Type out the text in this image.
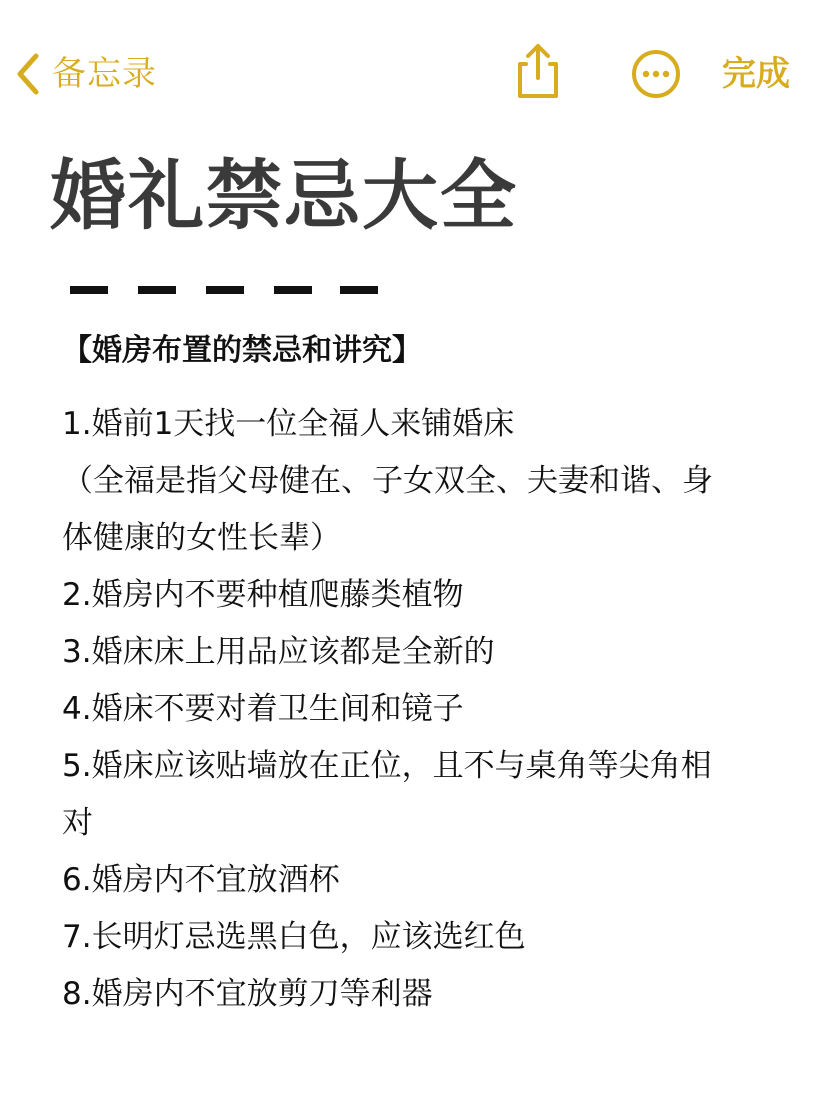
备忘录	完成
婚礼禁忌大全
【婚房布置的禁忌和讲究】

1.婚前1天找一位全福人来铺婚床

（全福是指父母健在、子女双全、夫妻和谐、身

体健康的女性长辈）

2.婚房内不要种植爬藤类植物

3.婚床床上用品应该都是全新的

4.婚床不要对着卫生间和镜子

5.婚床应该贴墙放在正位，且不与桌角等尖角相

对

6.婚房内不宜放酒杯

7.长明灯忌选黑白色，应该选红色

8.婚房内不宜放剪刀等利器
